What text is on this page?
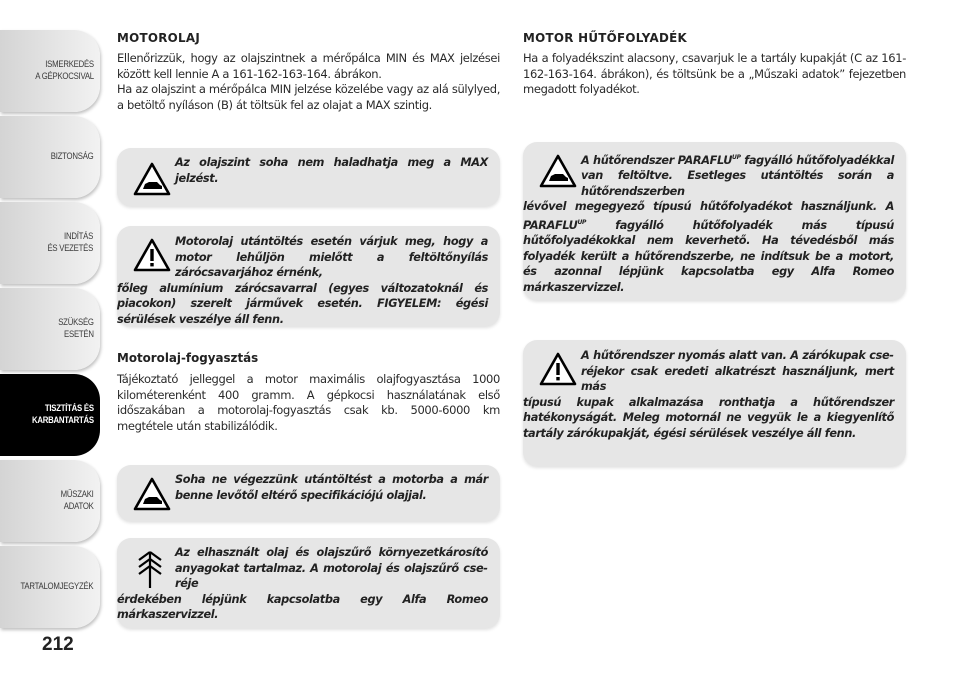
ISMERKEDÉS
A GÉPKOCSIVAL
BIZTONSÁG
INDÍTÁS
ÉS VEZETÉS
SZÜKSÉG
ESETÉN
TISZTÍTÁS ÉS
KARBANTARTÁS
MŰSZAKI
ADATOK
TARTALOMJEGYZÉK
212
MOTOROLAJ

Ellenőrizzük, hogy az olajszintnek a mérőpálca MIN és MAX jelzései között kell lennie A a 161-162-163-164. ábrákon.

Ha az olajszint a mérőpálca MIN jelzése közelébe vagy az alá sülylyed, a betöltő nyíláson (B) át töltsük fel az olajat a MAX szintig.

Az olajszint soha nem haladhatja meg a MAX jelzést.
Motorolaj utántöltés esetén várjuk meg, hogy a motor lehűljön mielőtt a feltöltőnyílás zárócsavarjához érnénk,
főleg alumínium zárócsavarral (egyes változatoknál és piacokon) szerelt járművek esetén. FIGYELEM: égési sérülések veszélye áll fenn.
Motorolaj-fogyasztás

Tájékoztató jelleggel a motor maximális olajfogyasztása 1000 kilométerenként 400 gramm. A gépkocsi használatának első időszakában a motorolaj-fogyasztás csak kb. 5000-6000 km megtétele után stabilizálódik.

Soha ne végezzünk utántöltést a motorba a már benne levőtől eltérő specifikációjú olajjal.
Az elhasznált olaj és olajszűrő környezetkárosító anyagokat tartalmaz. A motorolaj és olajszűrő cseréje
érdekében lépjünk kapcsolatba egy Alfa Romeo márkaszervizzel.
MOTOR HŰTŐFOLYADÉK

Ha a folyadékszint alacsony, csavarjuk le a tartály kupakját (C az 161-162-163-164. ábrákon), és töltsünk be a „Műszaki adatok” fejezetben megadott folyadékot.

A hűtőrendszer $PARAFLU^{UP}$ fagyálló hűtőfolyadékkal van feltöltve. Esetleges utántöltés során a hűtőrendszerben
lévővel megegyező típusú hűtőfolyadékot használjunk. A $PARAFLU^{UP}$ fagyálló hűtőfolyadék más típusú hűtőfolyadékokkal nem keverhető. Ha tévedésből más folyadék került a hűtőrendszerbe, ne indítsuk be a motort, és azonnal lépjünk kapcsolatba egy Alfa Romeo márkaszervizzel.
A hűtőrendszer nyomás alatt van. A zárókupak cseréjekor csak eredeti alkatrészt használjunk, mert más
típusú kupak alkalmazása ronthatja a hűtőrendszer hatékonyságát. Meleg motornál ne vegyük le a kiegyenlítő tartály zárókupakját, égési sérülések veszélye áll fenn.
